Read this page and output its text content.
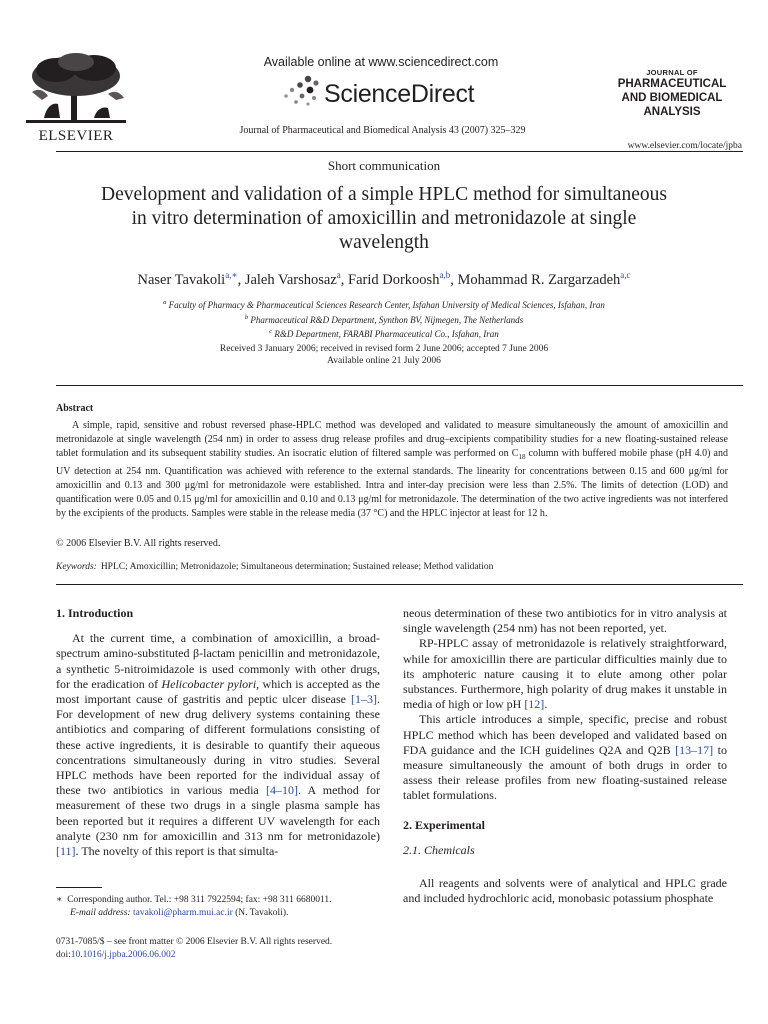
ELSEVIER
Available online at www.sciencedirect.com
ScienceDirect
Journal of Pharmaceutical and Biomedical Analysis 43 (2007) 325–329
JOURNAL OF
PHARMACEUTICAL
AND BIOMEDICAL
ANALYSIS
www.elsevier.com/locate/jpba
Short communication
Development and validation of a simple HPLC method for simultaneous in vitro determination of amoxicillin and metronidazole at single wavelength
Naser Tavakoli$^{a,∗}$, Jaleh Varshosaz$^a$, Farid Dorkoosh$^{a,b}$, Mohammad R. Zargarzadeh$^{a,c}$
$^a$ Faculty of Pharmacy & Pharmaceutical Sciences Research Center, Isfahan University of Medical Sciences, Isfahan, Iran
$^b$ Pharmaceutical R&D Department, Synthon BV, Nijmegen, The Netherlands
$^c$ R&D Department, FARABI Pharmaceutical Co., Isfahan, Iran
Received 3 January 2006; received in revised form 2 June 2006; accepted 7 June 2006
Available online 21 July 2006
Abstract

A simple, rapid, sensitive and robust reversed phase-HPLC method was developed and validated to measure simultaneously the amount of amoxicillin and metronidazole at single wavelength (254 nm) in order to assess drug release profiles and drug–excipients compatibility studies for a new floating-sustained release tablet formulation and its subsequent stability studies. An isocratic elution of filtered sample was performed on $C_{18}$ column with buffered mobile phase (pH 4.0) and UV detection at 254 nm. Quantification was achieved with reference to the external standards. The linearity for concentrations between 0.15 and 600 μg/ml for amoxicillin and 0.13 and 300 μg/ml for metronidazole were established. Intra and inter-day precision were less than 2.5%. The limits of detection (LOD) and quantification were 0.05 and 0.15 μg/ml for amoxicillin and 0.10 and 0.13 μg/ml for metronidazole. The determination of the two active ingredients was not interfered by the excipients of the products. Samples were stable in the release media (37 °C) and the HPLC injector at least for 12 h.

© 2006 Elsevier B.V. All rights reserved.
Keywords: HPLC; Amoxicillin; Metronidazole; Simultaneous determination; Sustained release; Method validation
1. Introduction

At the current time, a combination of amoxicillin, a broad-spectrum amino-substituted β-lactam penicillin and metronidazole, a synthetic 5-nitroimidazole is used commonly with other drugs, for the eradication of Helicobacter pylori, which is accepted as the most important cause of gastritis and peptic ulcer disease [1–3]. For development of new drug delivery systems containing these antibiotics and comparing of different formulations consisting of these active ingredients, it is desirable to quantify their aqueous concentrations simultaneously during in vitro studies. Several HPLC methods have been reported for the individual assay of these two antibiotics in various media [4–10]. A method for measurement of these two drugs in a single plasma sample has been reported but it requires a different UV wavelength for each analyte (230 nm for amoxicillin and 313 nm for metronidazole) [11]. The novelty of this report is that simulta-

neous determination of these two antibiotics for in vitro analysis at single wavelength (254 nm) has not been reported, yet.

RP-HPLC assay of metronidazole is relatively straightforward, while for amoxicillin there are particular difficulties mainly due to its amphoteric nature causing it to elute among other polar substances. Furthermore, high polarity of drug makes it unstable in media of high or low pH [12].

This article introduces a simple, specific, precise and robust HPLC method which has been developed and validated based on FDA guidance and the ICH guidelines Q2A and Q2B [13–17] to measure simultaneously the amount of both drugs in order to assess their release profiles from new floating-sustained release tablet formulations.

2. Experimental
2.1. Chemicals

All reagents and solvents were of analytical and HPLC grade and included hydrochloric acid, monobasic potassium phosphate

∗ Corresponding author. Tel.: +98 311 7922594; fax: +98 311 6680011.
E-mail address: tavakoli@pharm.mui.ac.ir (N. Tavakoli).
0731-7085/$ – see front matter © 2006 Elsevier B.V. All rights reserved.
doi:10.1016/j.jpba.2006.06.002
